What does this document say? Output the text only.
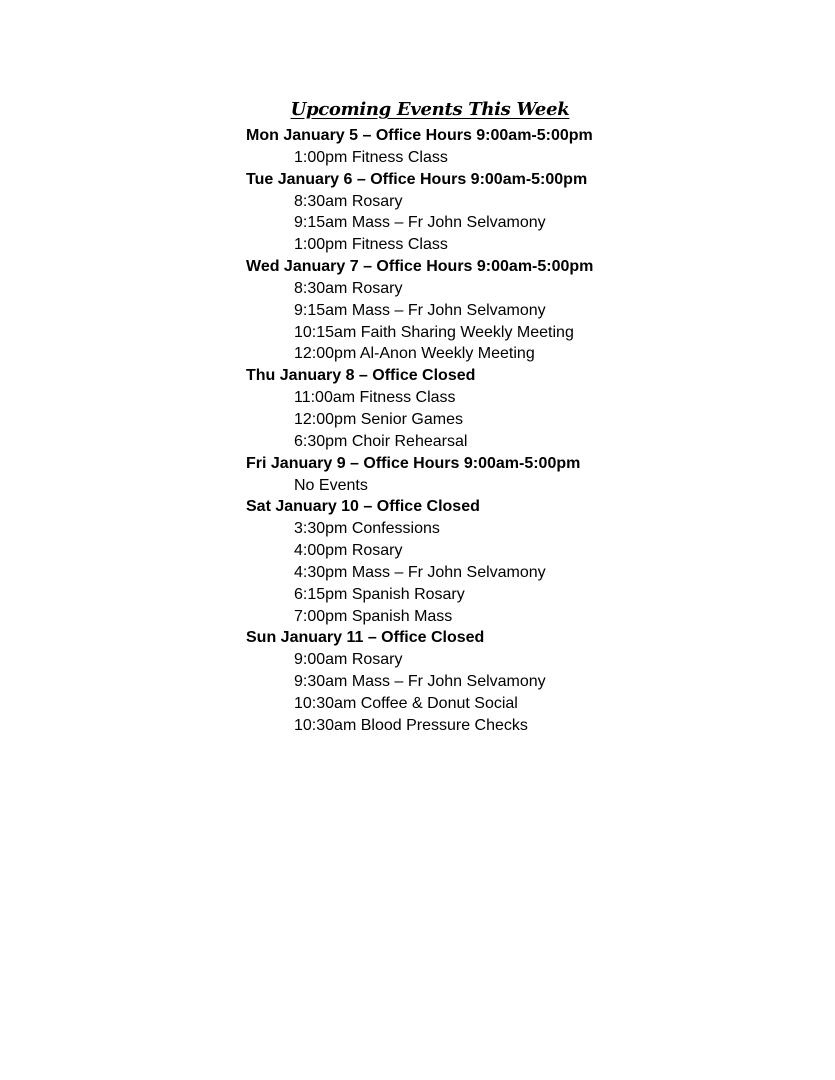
Upcoming Events This Week
Mon January 5 – Office Hours 9:00am-5:00pm
1:00pm Fitness Class
Tue January 6 – Office Hours 9:00am-5:00pm
8:30am Rosary
9:15am Mass – Fr John Selvamony
1:00pm Fitness Class
Wed January 7 – Office Hours 9:00am-5:00pm
8:30am Rosary
9:15am Mass – Fr John Selvamony
10:15am Faith Sharing Weekly Meeting
12:00pm Al-Anon Weekly Meeting
Thu January 8 – Office Closed
11:00am Fitness Class
12:00pm Senior Games
6:30pm Choir Rehearsal
Fri January 9 – Office Hours 9:00am-5:00pm
No Events
Sat January 10 – Office Closed
3:30pm Confessions
4:00pm Rosary
4:30pm Mass – Fr John Selvamony
6:15pm Spanish Rosary
7:00pm Spanish Mass
Sun January 11 – Office Closed
9:00am Rosary
9:30am Mass – Fr John Selvamony
10:30am Coffee & Donut Social
10:30am Blood Pressure Checks
